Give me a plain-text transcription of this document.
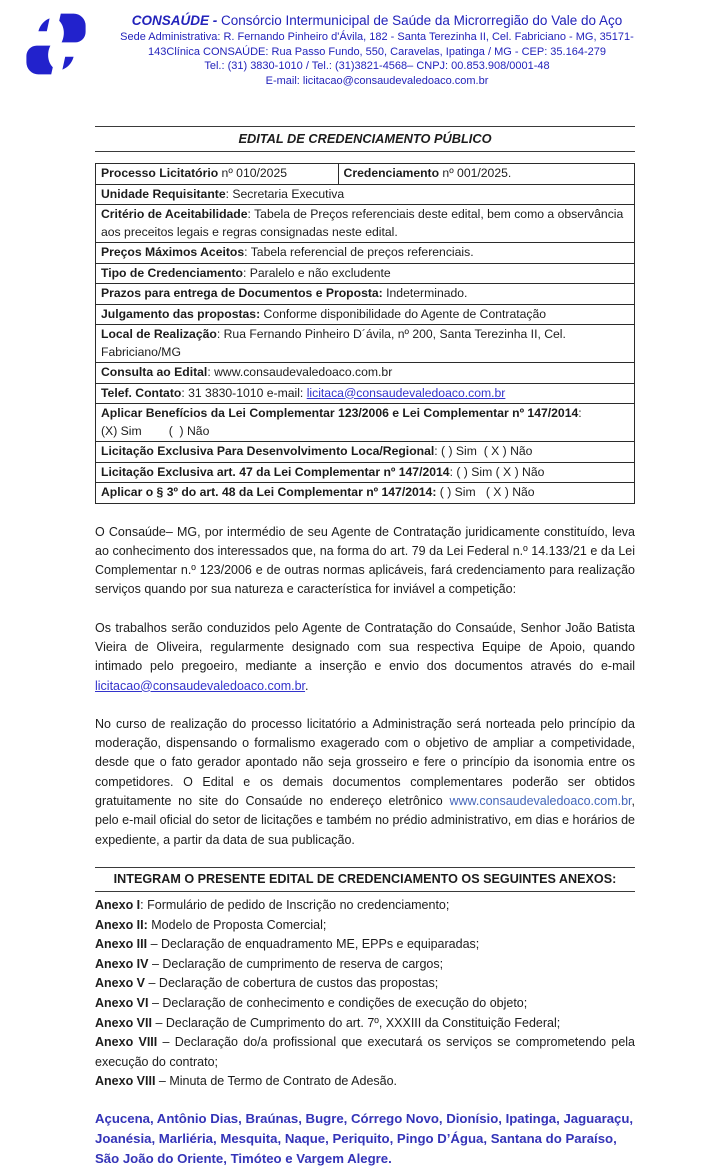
CONSAÚDE - Consórcio Intermunicipal de Saúde da Microrregião do Vale do Aço
Sede Administrativa: R. Fernando Pinheiro d'Ávila, 182 - Santa Terezinha II, Cel. Fabriciano - MG, 35171-
143Clínica CONSAÚDE: Rua Passo Fundo, 550, Caravelas, Ipatinga / MG - CEP: 35.164-279
Tel.: (31) 3830-1010 / Tel.: (31)3821-4568– CNPJ: 00.853.908/0001-48
E-mail: licitacao@consaudevaledoaco.com.br
EDITAL DE CREDENCIAMENTO PÚBLICO
Processo Licitatório nº 010/2025	Credenciamento nº 001/2025.
Unidade Requisitante: Secretaria Executiva
Critério de Aceitabilidade: Tabela de Preços referenciais deste edital, bem como a observância aos preceitos legais e regras consignadas neste edital.
Preços Máximos Aceitos: Tabela referencial de preços referenciais.
Tipo de Credenciamento: Paralelo e não excludente
Prazos para entrega de Documentos e Proposta: Indeterminado.
Julgamento das propostas: Conforme disponibilidade do Agente de Contratação
Local de Realização: Rua Fernando Pinheiro D´ávila, nº 200, Santa Terezinha II, Cel. Fabriciano/MG
Consulta ao Edital: www.consaudevaledoaco.com.br
Telef. Contato: 31 3830-1010 e-mail: licitaca@consaudevaledoaco.com.br
Aplicar Benefícios da Lei Complementar 123/2006 e Lei Complementar nº 147/2014:
(X) Sim        (  ) Não
Licitação Exclusiva Para Desenvolvimento Loca/Regional: ( ) Sim  ( X ) Não
Licitação Exclusiva art. 47 da Lei Complementar nº 147/2014: ( ) Sim ( X ) Não
Aplicar o § 3º do art. 48 da Lei Complementar nº 147/2014: ( ) Sim   ( X ) Não

O Consaúde– MG, por intermédio de seu Agente de Contratação juridicamente constituído, leva ao conhecimento dos interessados que, na forma do art. 79 da Lei Federal n.º 14.133/21 e da Lei Complementar n.º 123/2006 e de outras normas aplicáveis, fará credenciamento para realização serviços quando por sua natureza e característica for inviável a competição:

Os trabalhos serão conduzidos pelo Agente de Contratação do Consaúde, Senhor João Batista Vieira de Oliveira, regularmente designado com sua respectiva Equipe de Apoio, quando intimado pelo pregoeiro, mediante a inserção e envio dos documentos através do e-mail licitacao@consaudevaledoaco.com.br.

No curso de realização do processo licitatório a Administração será norteada pelo princípio da moderação, dispensando o formalismo exagerado com o objetivo de ampliar a competividade, desde que o fato gerador apontado não seja grosseiro e fere o princípio da isonomia entre os competidores. O Edital e os demais documentos complementares poderão ser obtidos gratuitamente no site do Consaúde no endereço eletrônico www.consaudevaledoaco.com.br, pelo e-mail oficial do setor de licitações e também no prédio administrativo, em dias e horários de expediente, a partir da data de sua publicação.

INTEGRAM O PRESENTE EDITAL DE CREDENCIAMENTO OS SEGUINTES ANEXOS:

Anexo I: Formulário de pedido de Inscrição no credenciamento;

Anexo II: Modelo de Proposta Comercial;

Anexo III – Declaração de enquadramento ME, EPPs e equiparadas;

Anexo IV – Declaração de cumprimento de reserva de cargos;

Anexo V – Declaração de cobertura de custos das propostas;

Anexo VI – Declaração de conhecimento e condições de execução do objeto;

Anexo VII – Declaração de Cumprimento do art. 7º, XXXIII da Constituição Federal;

Anexo VIII – Declaração do/a profissional que executará os serviços se comprometendo pela execução do contrato;

Anexo VIII – Minuta de Termo de Contrato de Adesão.

Açucena, Antônio Dias, Braúnas, Bugre, Córrego Novo, Dionísio, Ipatinga, Jaguaraçu, Joanésia, Marliéria, Mesquita, Naque, Periquito, Pingo D’Água, Santana do Paraíso, São João do Oriente, Timóteo e Vargem Alegre.
